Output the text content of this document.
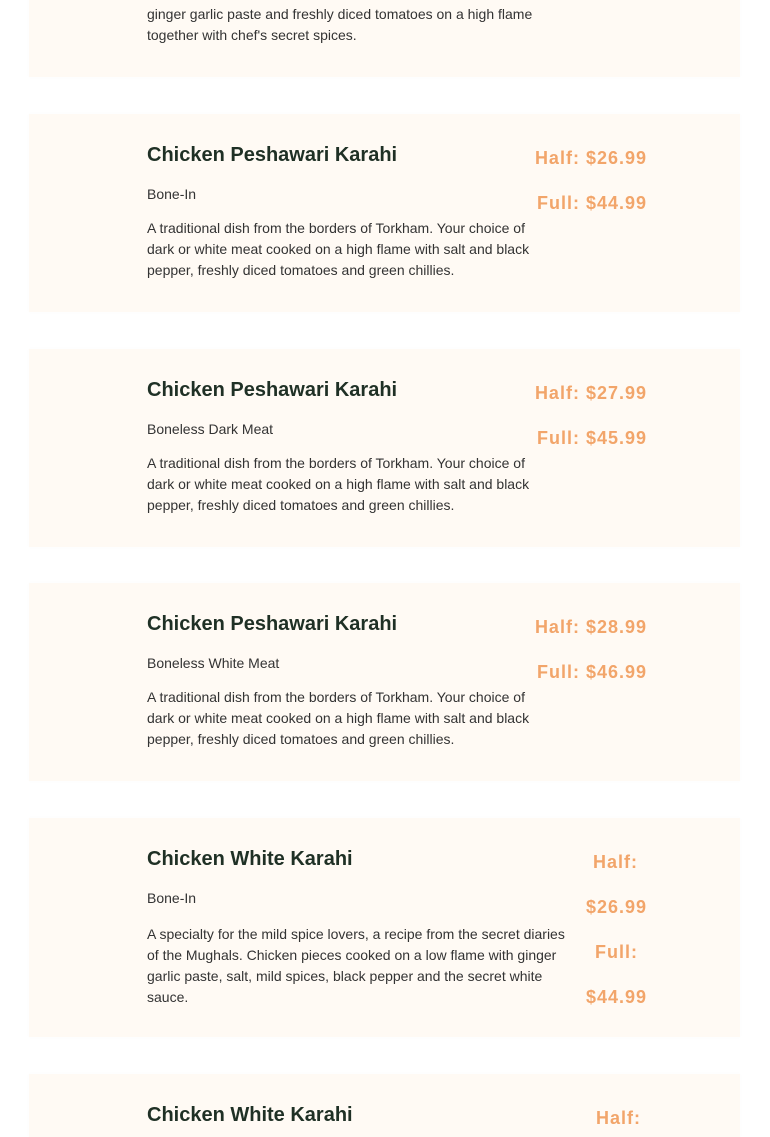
ginger garlic paste and freshly diced tomatoes on a high flame together with chef's secret spices.
Chicken Peshawari Karahi
Bone-In
A traditional dish from the borders of Torkham. Your choice of dark or white meat cooked on a high flame with salt and black pepper, freshly diced tomatoes and green chillies.
Half: $26.99
Full: $44.99
Chicken Peshawari Karahi
Boneless Dark Meat
A traditional dish from the borders of Torkham. Your choice of dark or white meat cooked on a high flame with salt and black pepper, freshly diced tomatoes and green chillies.
Half: $27.99
Full: $45.99
Chicken Peshawari Karahi
Boneless White Meat
A traditional dish from the borders of Torkham. Your choice of dark or white meat cooked on a high flame with salt and black pepper, freshly diced tomatoes and green chillies.
Half: $28.99
Full: $46.99
Chicken White Karahi
Bone-In
A specialty for the mild spice lovers, a recipe from the secret diaries of the Mughals. Chicken pieces cooked on a low flame with ginger garlic paste, salt, mild spices, black pepper and the secret white sauce.
Half:
$26.99
Full:
$44.99
Chicken White Karahi	Half:
